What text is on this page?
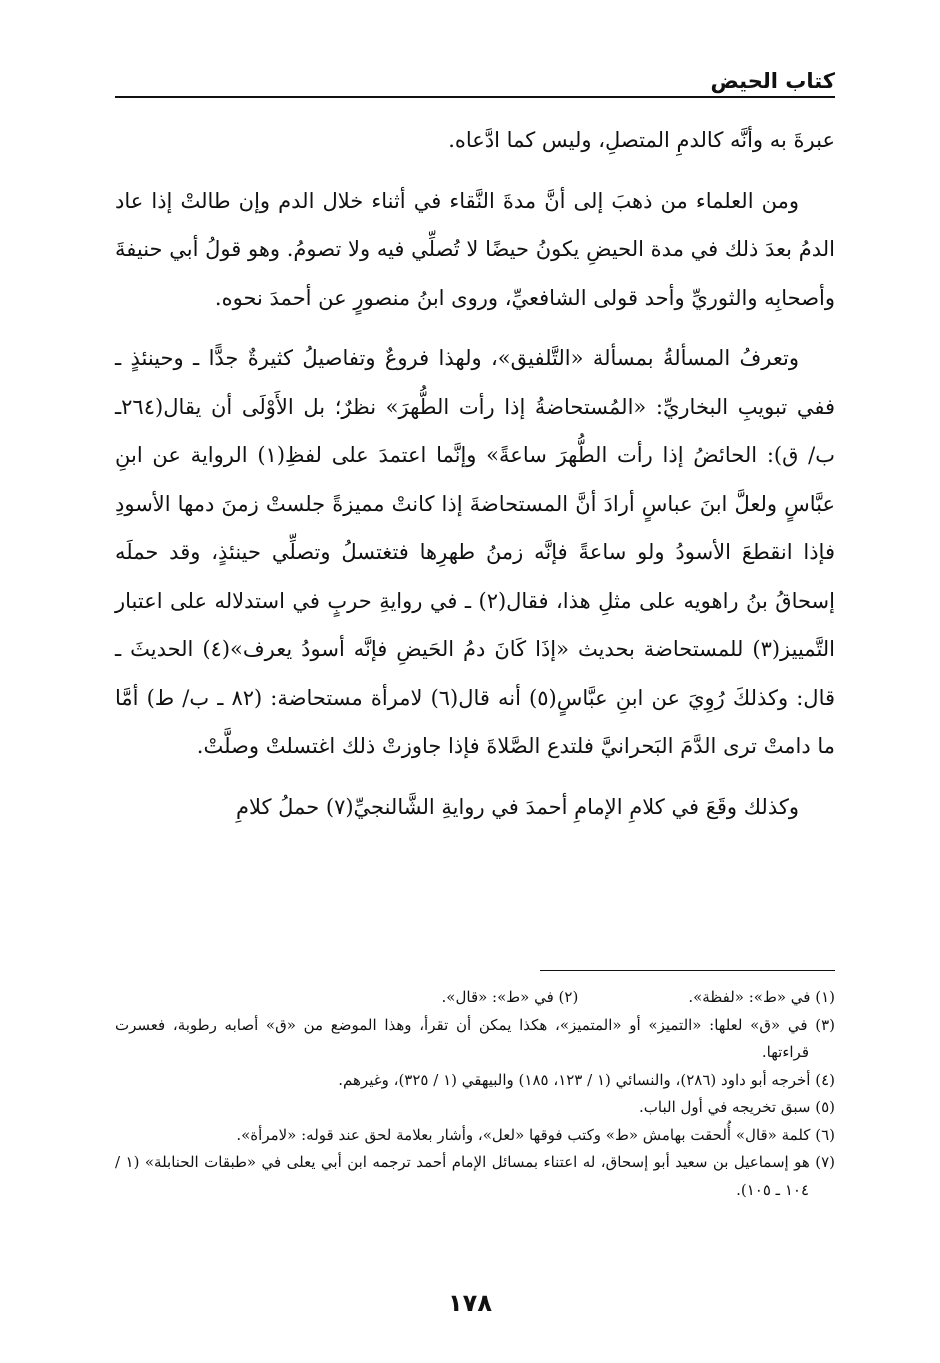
كتاب الحيض

عبرةَ به وأنَّه كالدمِ المتصلِ، وليس كما ادَّعاه.

ومن العلماء من ذهبَ إلى أنَّ مدةَ النَّقاء في أثناء خلال الدم وإن طالتْ إذا عاد الدمُ بعدَ ذلك في مدة الحيضِ يكونُ حيضًا لا تُصلِّي فيه ولا تصومُ. وهو قولُ أبي حنيفةَ وأصحابِه والثوريِّ وأحد قولى الشافعيِّ، وروى ابنُ منصورٍ عن أحمدَ نحوه.

وتعرفُ المسألةُ بمسألة «التَّلفيق»، ولهذا فروعٌ وتفاصيلُ كثيرةٌ جدًّا ـ وحينئذٍ ـ ففي تبويبِ البخاريِّ: «المُستحاضةُ إذا رأت الطُّهرَ» نظرٌ؛ بل الأَوْلَى أن يقال(٢٦٤ـ ب/ ق): الحائضُ إذا رأت الطُّهرَ ساعةً» وإنَّما اعتمدَ على لفظِ(١) الرواية عن ابنِ عبَّاسٍ ولعلَّ ابنَ عباسٍ أرادَ أنَّ المستحاضةَ إذا كانتْ مميزةً جلستْ زمنَ دمها الأسودِ فإذا انقطعَ الأسودُ ولو ساعةً فإنَّه زمنُ طهرِها فتغتسلُ وتصلِّي حينئذٍ، وقد حملَه إسحاقُ بنُ راهويه على مثلِ هذا، فقال(٢) ـ في روايةِ حربٍ في استدلاله على اعتبار التَّمييز(٣) للمستحاضة بحديث «إذَا كَانَ دمُ الحَيضِ فإنَّه أسودُ يعرف»(٤) الحديثَ ـ قال: وكذلكَ رُوِيَ عن ابنِ عبَّاسٍ(٥) أنه قال(٦) لامرأة مستحاضة: (٨٢ ـ ب/ ط) أمَّا ما دامتْ ترى الدَّمَ البَحرانيَّ فلتدع الصَّلاةَ فإذا جاوزتْ ذلك اغتسلتْ وصلَّتْ.

وكذلك وقَعَ في كلامِ الإمامِ أحمدَ في روايةِ الشَّالنجيِّ(٧) حملُ كلامِ

(١) في «ط»: «لفظة».

(٢) في «ط»: «قال».

(٣) في «ق» لعلها: «التميز» أو «المتميز»، هكذا يمكن أن تقرأ، وهذا الموضع من «ق» أصابه رطوبة، فعسرت قراءتها.

(٤) أخرجه أبو داود (٢٨٦)، والنسائي (١ / ١٢٣، ١٨٥) والبيهقي (١ / ٣٢٥)، وغيرهم.

(٥) سبق تخريجه في أول الباب.

(٦) كلمة «قال» أُلحقت بهامش «ط» وكتب فوقها «لعل»، وأشار بعلامة لحق عند قوله: «لامرأة».

(٧) هو إسماعيل بن سعيد أبو إسحاق، له اعتناء بمسائل الإمام أحمد ترجمه ابن أبي يعلى في «طبقات الحنابلة» (١ / ١٠٤ ـ ١٠٥).

١٧٨
